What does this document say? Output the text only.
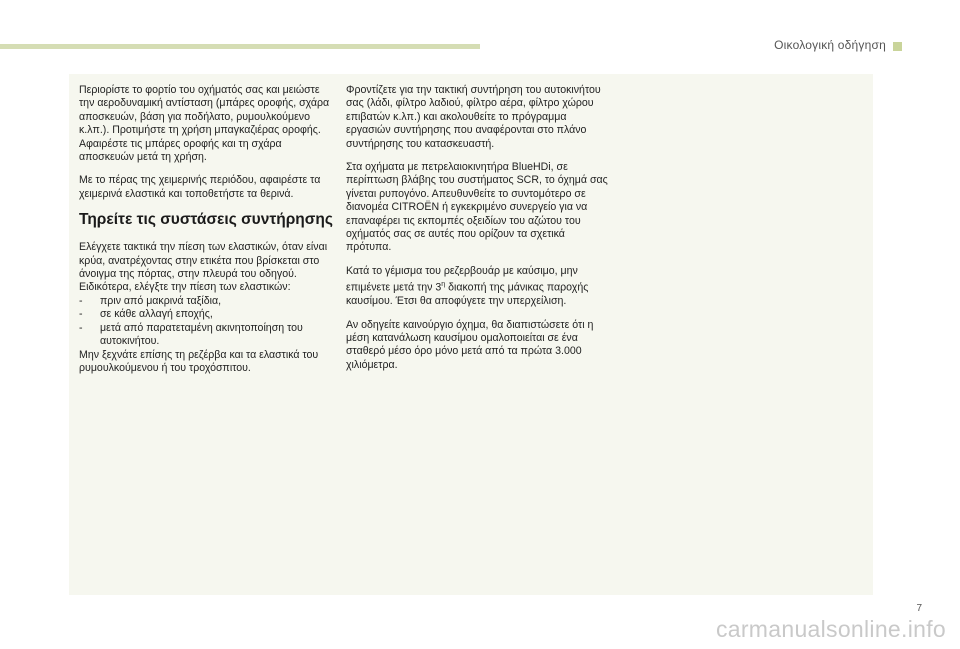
Οικολογική οδήγηση

Περιορίστε το φορτίο του οχήματός σας και μειώστε την αεροδυναμική αντίσταση (μπάρες οροφής, σχάρα αποσκευών, βάση για ποδήλατο, ρυμουλκούμενο κ.λπ.). Προτιμήστε τη χρήση μπαγκαζιέρας οροφής.
Αφαιρέστε τις μπάρες οροφής και τη σχάρα αποσκευών μετά τη χρήση.

Με το πέρας της χειμερινής περιόδου, αφαιρέστε τα χειμερινά ελαστικά και τοποθετήστε τα θερινά.

Τηρείτε τις συστάσεις συντήρησης

Ελέγχετε τακτικά την πίεση των ελαστικών, όταν είναι κρύα, ανατρέχοντας στην ετικέτα που βρίσκεται στο άνοιγμα της πόρτας, στην πλευρά του οδηγού.
Ειδικότερα, ελέγξτε την πίεση των ελαστικών:

- πριν από μακρινά ταξίδια,
- σε κάθε αλλαγή εποχής,
- μετά από παρατεταμένη ακινητοποίηση του αυτοκινήτου.

Μην ξεχνάτε επίσης τη ρεζέρβα και τα ελαστικά του ρυμουλκούμενου ή του τροχόσπιτου.

Φροντίζετε για την τακτική συντήρηση του αυτοκινήτου σας (λάδι, φίλτρο λαδιού, φίλτρο αέρα, φίλτρο χώρου επιβατών κ.λπ.) και ακολουθείτε το πρόγραμμα εργασιών συντήρησης που αναφέρονται στο πλάνο συντήρησης του κατασκευαστή.

Στα οχήματα με πετρελαιοκινητήρα BlueHDi, σε περίπτωση βλάβης του συστήματος SCR, το όχημά σας γίνεται ρυπογόνο. Απευθυνθείτε το συντομότερο σε διανομέα CITROËN ή εγκεκριμένο συνεργείο για να επαναφέρει τις εκπομπές οξειδίων του αζώτου του οχήματός σας σε αυτές που ορίζουν τα σχετικά πρότυπα.

Κατά το γέμισμα του ρεζερβουάρ με καύσιμο, μην επιμένετε μετά την $3^\eta$ διακοπή της μάνικας παροχής καυσίμου. Έτσι θα αποφύγετε την υπερχείλιση.

Αν οδηγείτε καινούργιο όχημα, θα διαπιστώσετε ότι η μέση κατανάλωση καυσίμου ομαλοποιείται σε ένα σταθερό μέσο όρο μόνο μετά από τα πρώτα 3.000 χιλιόμετρα.

7
carmanualsonline.info
